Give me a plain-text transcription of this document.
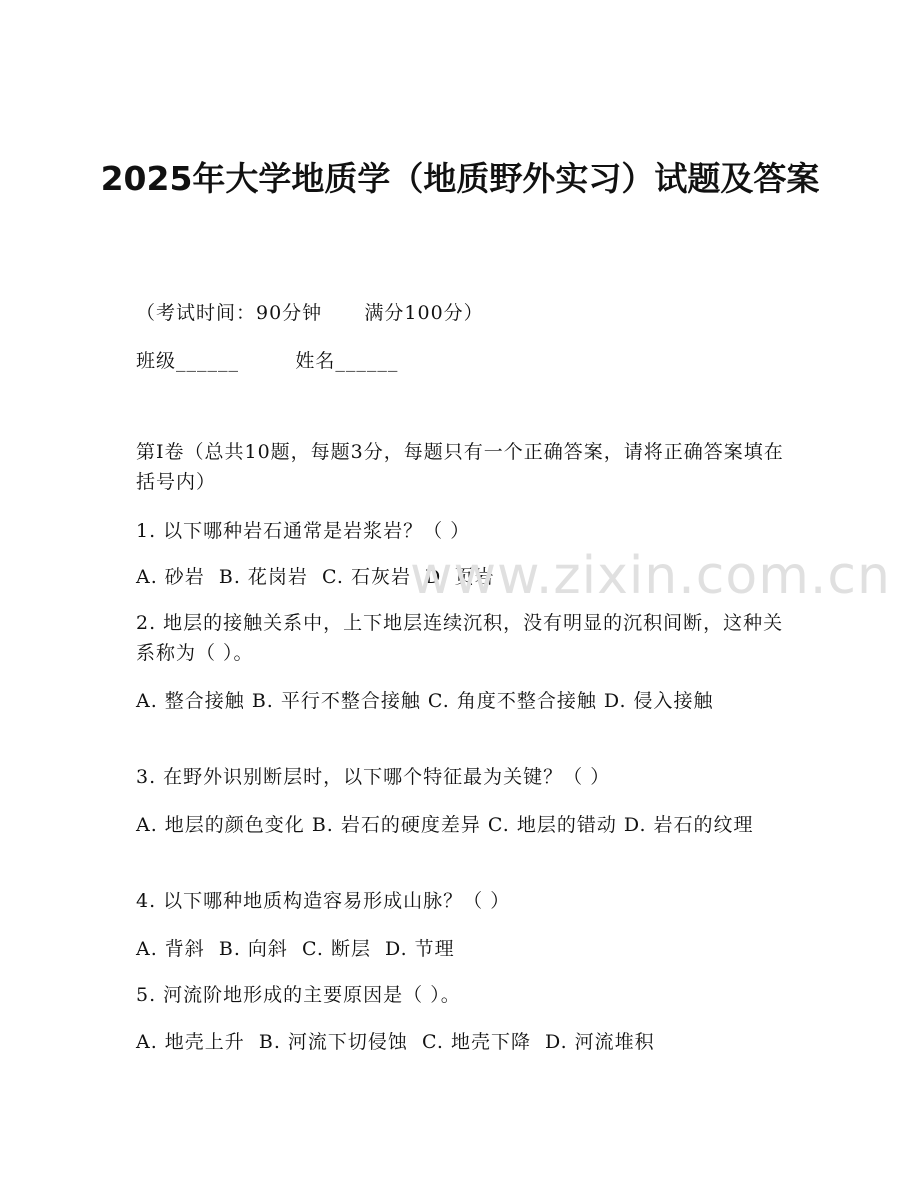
2025年大学地质学（地质野外实习）试题及答案
（考试时间：90分钟      满分100分）
班级______        姓名______
第I卷（总共10题，每题3分，每题只有一个正确答案，请将正确答案填在括号内）
1. 以下哪种岩石通常是岩浆岩？（ ）
A. 砂岩  B. 花岗岩  C. 石灰岩  D. 页岩
2. 地层的接触关系中，上下地层连续沉积，没有明显的沉积间断，这种关系称为（ ）。
A. 整合接触 B. 平行不整合接触 C. 角度不整合接触 D. 侵入接触
3. 在野外识别断层时，以下哪个特征最为关键？（ ）
A. 地层的颜色变化 B. 岩石的硬度差异 C. 地层的错动 D. 岩石的纹理
4. 以下哪种地质构造容易形成山脉？（ ）
A. 背斜  B. 向斜  C. 断层  D. 节理
5. 河流阶地形成的主要原因是（ ）。
A. 地壳上升  B. 河流下切侵蚀  C. 地壳下降  D. 河流堆积
www.zixin.com.cn
